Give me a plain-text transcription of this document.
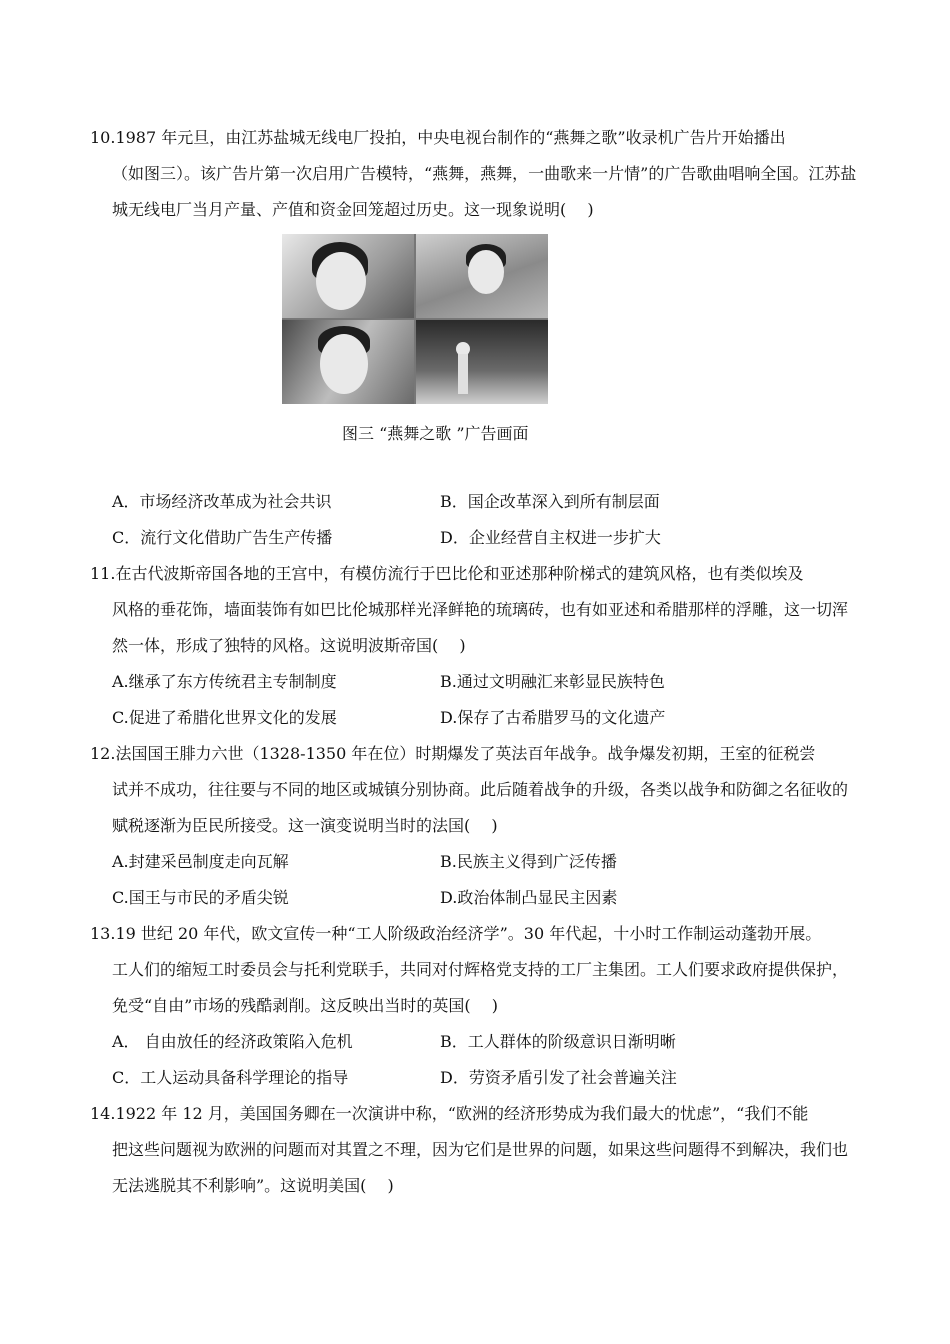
10.1987 年元旦，由江苏盐城无线电厂投拍，中央电视台制作的“燕舞之歌”收录机广告片开始播出
（如图三）。该广告片第一次启用广告模特，“燕舞，燕舞，一曲歌来一片情”的广告歌曲唱响全国。江苏盐城无线电厂当月产量、产值和资金回笼超过历史。这一现象说明(　 )
图三 “燕舞之歌 ”广告画面
A．市场经济改革成为社会共识	B．国企改革深入到所有制层面
C．流行文化借助广告生产传播	D．企业经营自主权进一步扩大
11.在古代波斯帝国各地的王宫中，有模仿流行于巴比伦和亚述那种阶梯式的建筑风格，也有类似埃及
风格的垂花饰，墙面装饰有如巴比伦城那样光泽鲜艳的琉璃砖，也有如亚述和希腊那样的浮雕，这一切浑然一体，形成了独特的风格。这说明波斯帝国(　 )
A.继承了东方传统君主专制制度	B.通过文明融汇来彰显民族特色
C.促进了希腊化世界文化的发展	D.保存了古希腊罗马的文化遗产
12.法国国王腓力六世（1328-1350 年在位）时期爆发了英法百年战争。战争爆发初期，王室的征税尝
试并不成功，往往要与不同的地区或城镇分别协商。此后随着战争的升级，各类以战争和防御之名征收的赋税逐渐为臣民所接受。这一演变说明当时的法国(　 )
A.封建采邑制度走向瓦解	B.民族主义得到广泛传播
C.国王与市民的矛盾尖锐	D.政治体制凸显民主因素
13.19 世纪 20 年代，欧文宣传一种“工人阶级政治经济学”。30 年代起，十小时工作制运动蓬勃开展。
工人们的缩短工时委员会与托利党联手，共同对付辉格党支持的工厂主集团。工人们要求政府提供保护，免受“自由”市场的残酷剥削。这反映出当时的英国(　 )
A． 自由放任的经济政策陷入危机	B．工人群体的阶级意识日渐明晰
C．工人运动具备科学理论的指导	D．劳资矛盾引发了社会普遍关注
14.1922 年 12 月，美国国务卿在一次演讲中称，“欧洲的经济形势成为我们最大的忧虑”，“我们不能
把这些问题视为欧洲的问题而对其置之不理，因为它们是世界的问题，如果这些问题得不到解决，我们也无法逃脱其不利影响”。这说明美国(　 )
